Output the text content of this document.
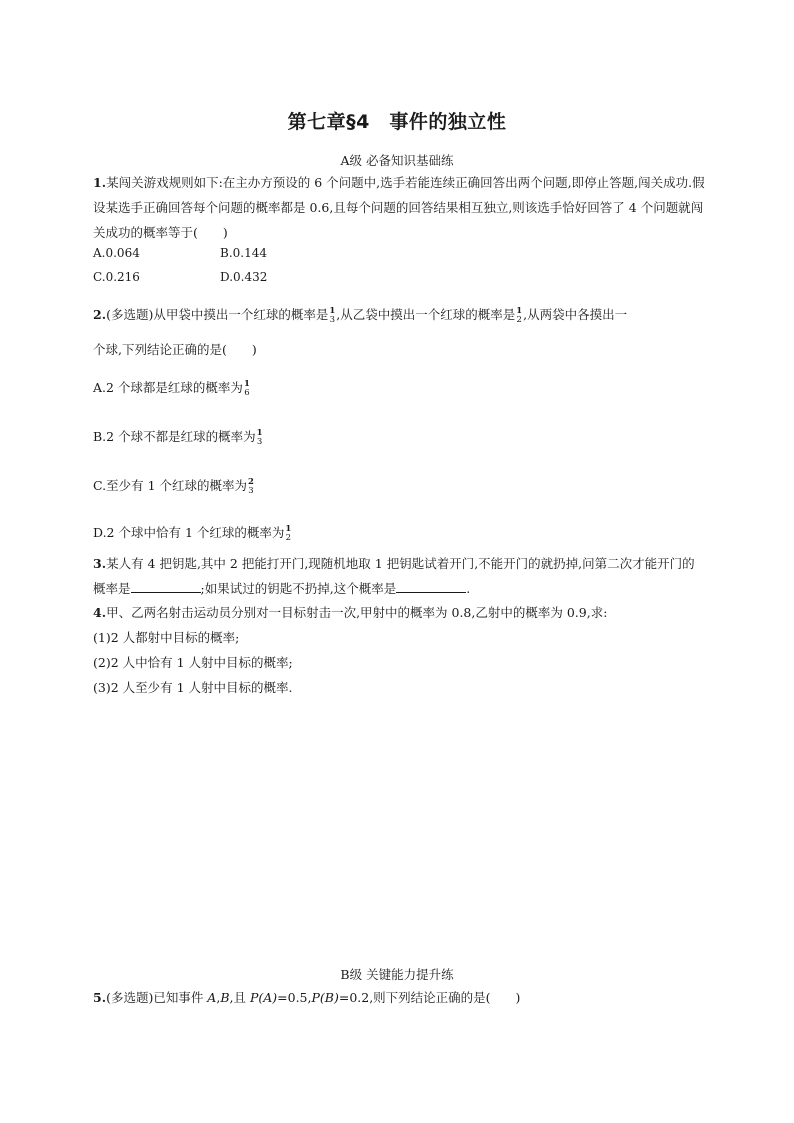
第七章§4　事件的独立性
A级 必备知识基础练
1.某闯关游戏规则如下:在主办方预设的 6 个问题中,选手若能连续正确回答出两个问题,即停止答题,闯关成功.假设某选手正确回答每个问题的概率都是 0.6,且每个问题的回答结果相互独立,则该选手恰好回答了 4 个问题就闯关成功的概率等于(　　)
A.0.064	B.0.144
C.0.216	D.0.432
2.(多选题)从甲袋中摸出一个红球的概率是 1
3 ,从乙袋中摸出一个红球的概率是 1
2 ,从两袋中各摸出一
个球,下列结论正确的是(　　)
A.2 个球都是红球的概率为 1
6
B.2 个球不都是红球的概率为 1
3
C.至少有 1 个红球的概率为 2
3
D.2 个球中恰有 1 个红球的概率为 1
2
3.某人有 4 把钥匙,其中 2 把能打开门,现随机地取 1 把钥匙试着开门,不能开门的就扔掉,问第二次才能开门的概率是	;如果试过的钥匙不扔掉,这个概率是	.
4.甲、乙两名射击运动员分别对一目标射击一次,甲射中的概率为 0.8,乙射中的概率为 0.9,求:
(1)2 人都射中目标的概率;
(2)2 人中恰有 1 人射中目标的概率;
(3)2 人至少有 1 人射中目标的概率.
B级 关键能力提升练
5.(多选题)已知事件 A,B,且 P(A)=0.5,P(B)=0.2,则下列结论正确的是(　　)
